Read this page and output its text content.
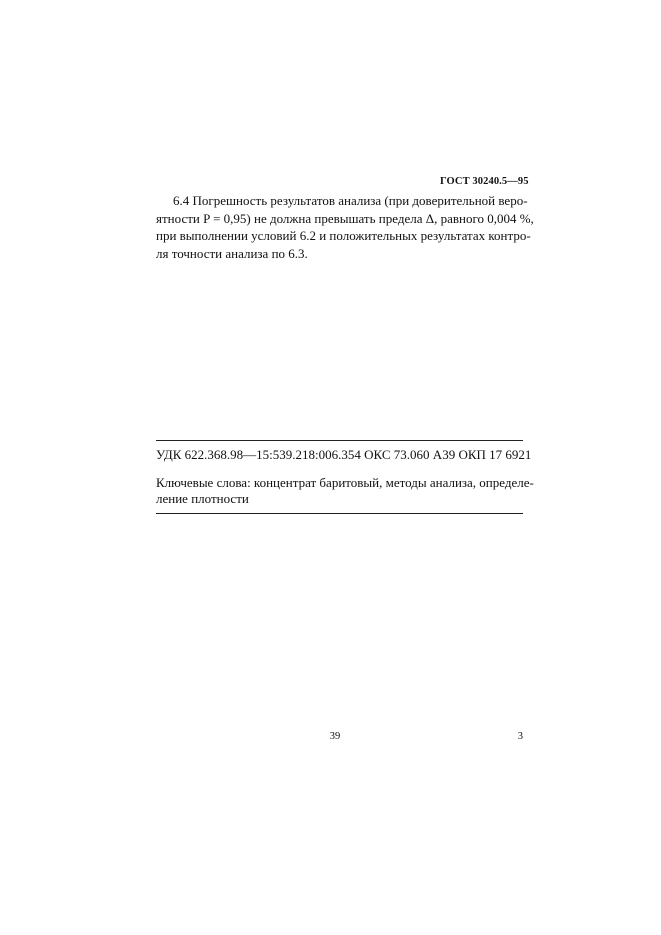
ГОСТ 30240.5—95
6.4 Погрешность результатов анализа (при доверительной веро-
ятности P = 0,95) не должна превышать предела Δ, равного 0,004 %,
при выполнении условий 6.2 и положительных результатах контро-
ля точности анализа по 6.3.
УДК 622.368.98—15:539.218:006.354 ОКС 73.060 А39 ОКП 17 6921
Ключевые слова: концентрат баритовый, методы анализа, определе-
ление плотности
39	3
